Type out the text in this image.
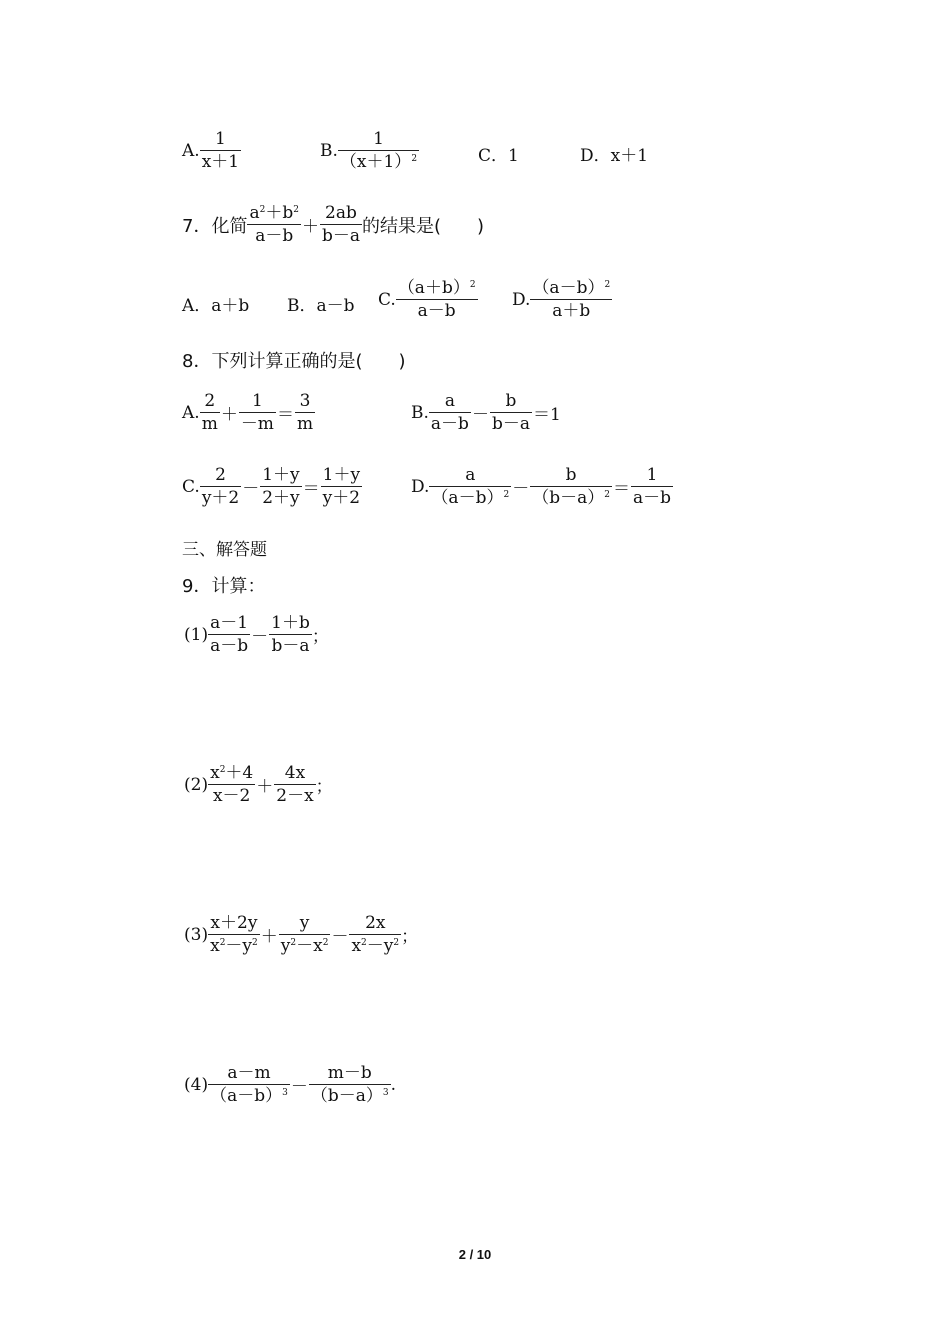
A. $\frac{1}{x+1}$	B. $\frac{1}{(x+1)^2}$	C．1	D．x＋1
7．化简 $\frac{a^2+b^2}{a-b} + \frac{2ab}{b-a}$ 的结果是(　　)
A．a＋b B．a－b C. $\frac{(a+b)^2}{a-b} D$. $\frac{(a-b)^2}{a+b}$
8．下列计算正确的是(　　)
A. $\frac{2}{m} + \frac{1}{-m} = \frac{3}{m}$	B. $\frac{a}{a-b} - \frac{b}{b-a} =1$
C. $\frac{2}{y+2} - \frac{1+y}{2+y} = \frac{1+y}{y+2}$	D. $\frac{a}{(a-b)^2} - \frac{b}{(b-a)^2} = \frac{1}{a-b}$
三、解答题
9．计算：
$(1) \frac{a-1}{a-b} - \frac{1+b}{b-a}$ ；
$(2) \frac{x^2+4}{x-2} + \frac{4x}{2-x}$ ；
$(3) \frac{x+2y}{x^2-y^2} + \frac{y}{y^2-x^2} - \frac{2x}{x^2-y^2}$ ；
$(4) \frac{a-m}{(a-b)^3} - \frac{m-b}{(b-a)^3}$ .
2 / 10
